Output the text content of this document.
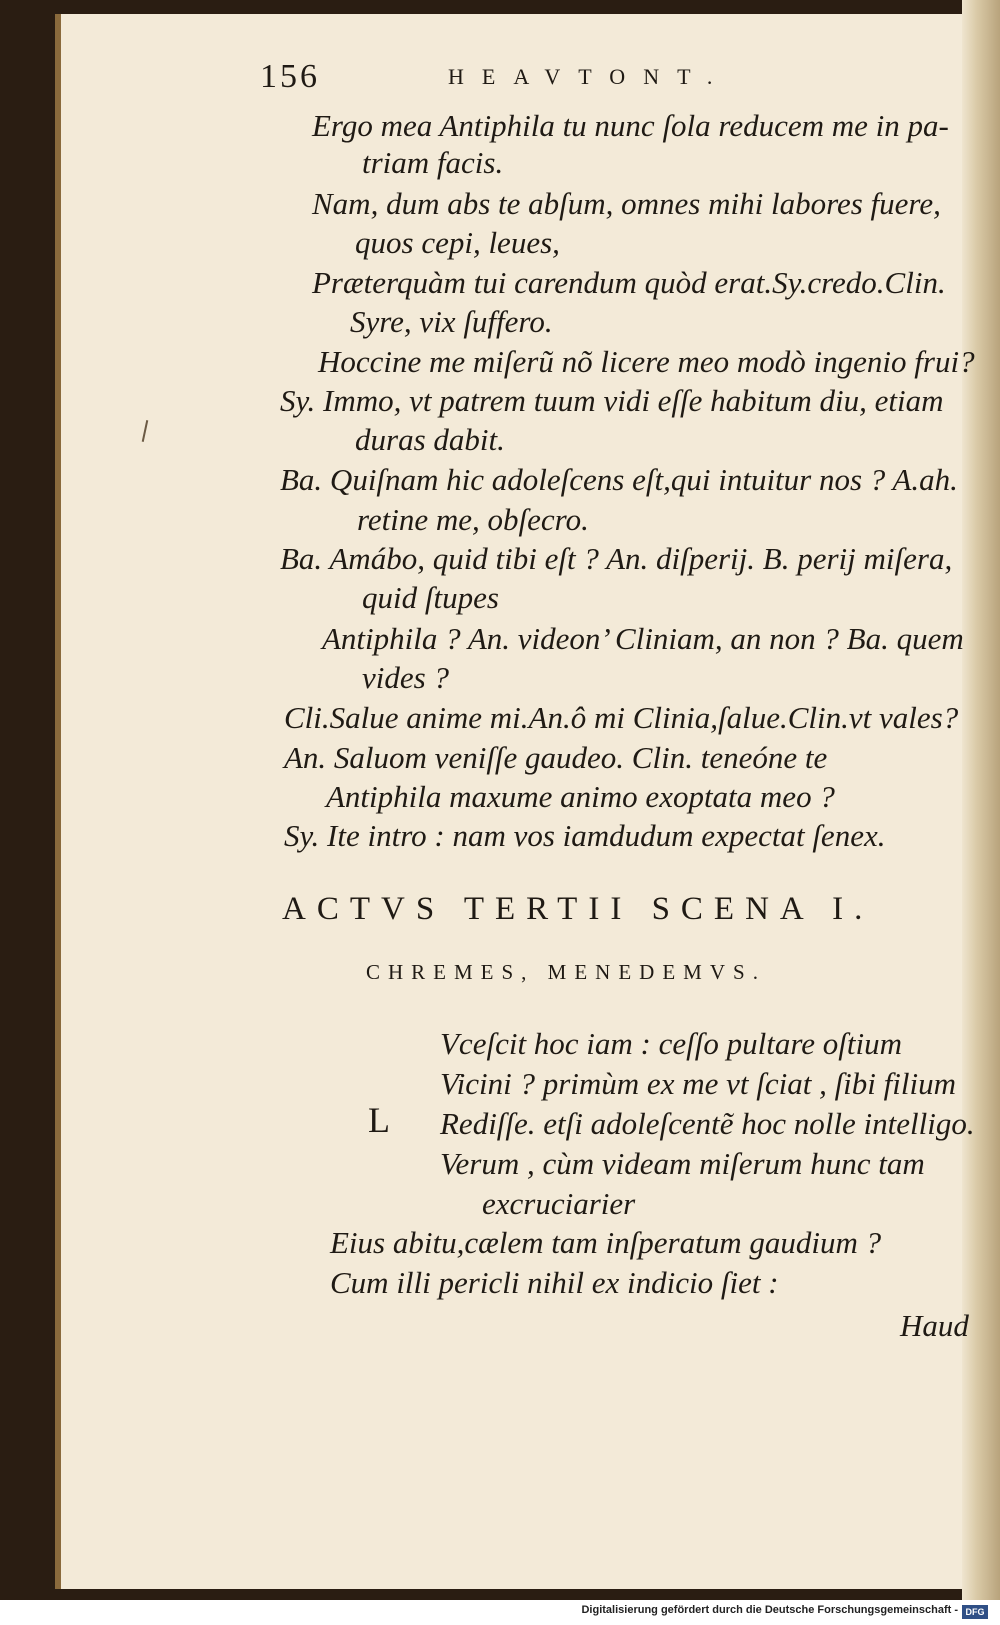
156	HEAVTONT.
Ergo mea Antiphila tu nunc ſola reducem me in pa-
triam facis.
Nam, dum abs te abſum, omnes mihi labores fuere,
quos cepi, leues,
Prӕterquàm tui carendum quòd erat.Sy.credo.Clin.
Syre, vix ſuffero.
Hoccine me miſerũ nõ licere meo modò ingenio frui?
Sy. Immo, vt patrem tuum vidi eſſe habitum diu, etiam
duras dabit.
Ba. Quiſnam hic adoleſcens eſt,qui intuitur nos ? A.ah.
retine me, obſecro.
Ba. Amábo, quid tibi eſt ? An. diſperij. B. perij miſera,
quid ſtupes
Antiphila ? An. videon’ Cliniam, an non ? Ba. quem
vides ?
Cli.Salue anime mi.An.ô mi Clinia,ſalue.Clin.vt vales?
An. Saluom veniſſe gaudeo. Clin. teneóne te
Antiphila maxume animo exoptata meo ?
Sy. Ite intro : nam vos iamdudum expectat ſenex.
ACTVS TERTII SCENA I.
CHREMES, MENEDEMVS.
L
Vceſcit hoc iam : ceſſo pultare oſtium
Vicini ? primùm ex me vt ſciat , ſibi filium
Rediſſe. etſi adoleſcentẽ hoc nolle intelligo.
Verum , cùm videam miſerum hunc tam
excruciarier
Eius abitu,cӕlem tam inſperatum gaudium ?
Cum illi pericli nihil ex indicio ſiet :
Haud
Digitalisierung gefördert durch die Deutsche Forschungsgemeinschaft - DFG
